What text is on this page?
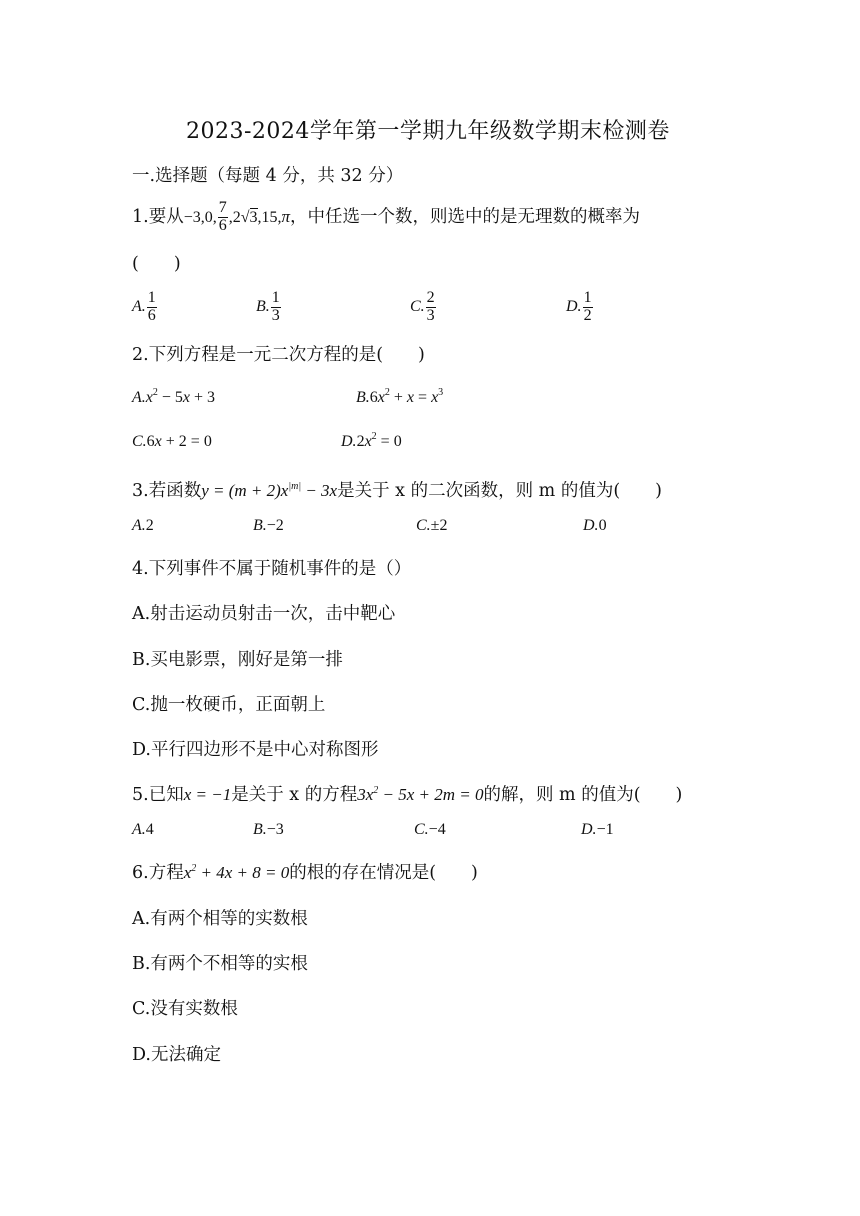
2023-2024学年第一学期九年级数学期末检测卷
一.选择题（每题 4 分，共 32 分）
1.要从−3,0, $\frac{7}{6} ,2√3,15,\pi$，中任选一个数，则选中的是无理数的概率为
(　　)
A. $\frac{1}{6}$	B. $\frac{1}{3}$	C. $\frac{2}{3}$	D. $\frac{1}{2}$
2.下列方程是一元二次方程的是(　　)
$A.x^2 - 5x + 3$	$B.6x^2 + x = x^3$
C.6x + 2 = 0	$D.2x^2 = 0$
3.若函数$y = (m + 2)x^{|m|} - 3x$是关于 x 的二次函数，则 m 的值为(　　)
A.2	B.−2	C.±2	D.0
4.下列事件不属于随机事件的是（）
A.射击运动员射击一次，击中靶心
B.买电影票，刚好是第一排
C.抛一枚硬币，正面朝上
D.平行四边形不是中心对称图形
5.已知x = −1是关于 x 的方程$3x^2 - 5x + 2m = 0$的解，则 m 的值为(　　)
A.4	B.−3	C.−4	D.−1
6.方程$x^2 + 4x + 8 = 0$的根的存在情况是(　　)
A.有两个相等的实数根
B.有两个不相等的实根
C.没有实数根
D.无法确定
